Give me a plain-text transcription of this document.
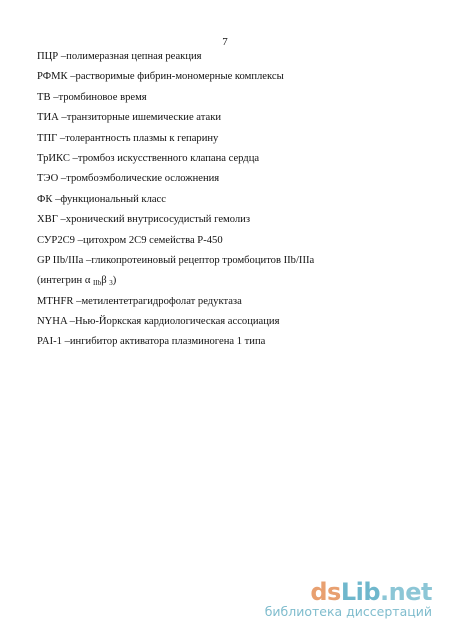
7
ПЦР – полимеразная цепная реакция
РФМК – растворимые фибрин-мономерные комплексы
ТВ – тромбиновое время
ТИА – транзиторные ишемические атаки
ТПГ – толерантность плазмы к гепарину
ТрИКС – тромбоз искусственного клапана сердца
ТЭО – тромбоэмболические осложнения
ФК – функциональный класс
ХВГ – хронический внутрисосудистый гемолиз
СУР2С9 – цитохром 2С9 семейства Р-450
GP IIb/IIIa – гликопротеиновый рецептор тромбоцитов IIb/IIIa
(интегрин α $_{IIb}$β $_3$)
MTHFR – метилентетрагидрофолат редуктаза
NYHA – Нью-Йоркская кардиологическая ассоциация
PAI-1 – ингибитор активатора плазминогена 1 типа
dsLib.net
библиотека диссертаций
